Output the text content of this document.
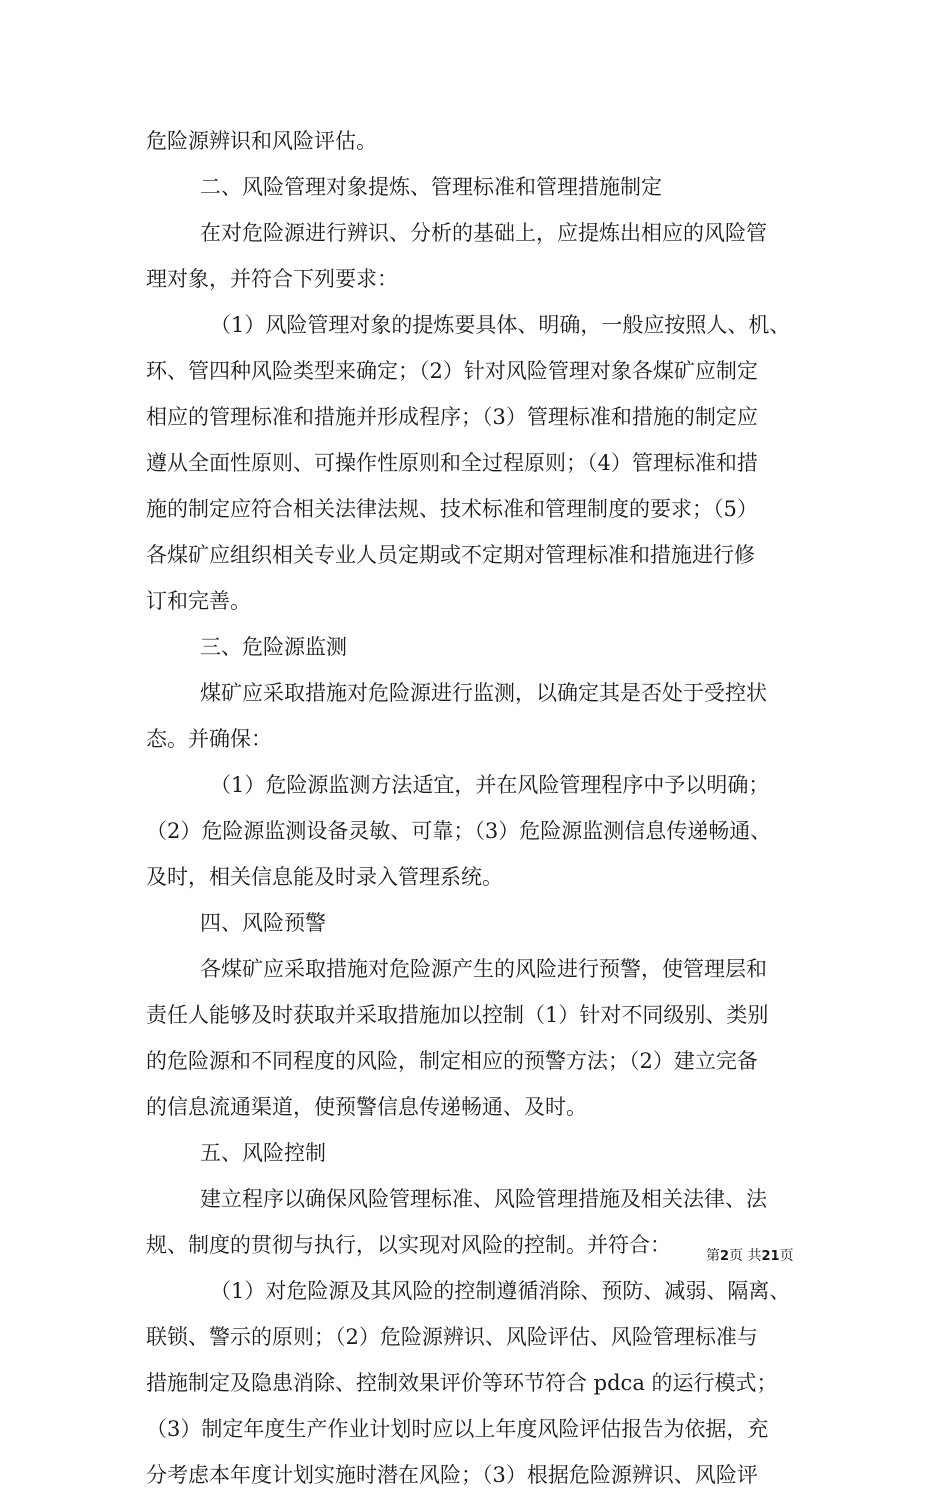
危险源辨识和风险评估。
二、风险管理对象提炼、管理标准和管理措施制定
在对危险源进行辨识、分析的基础上，应提炼出相应的风险管
理对象，并符合下列要求：
（1）风险管理对象的提炼要具体、明确，一般应按照人、机、
环、管四种风险类型来确定；（2）针对风险管理对象各煤矿应制定
相应的管理标准和措施并形成程序；（3）管理标准和措施的制定应
遵从全面性原则、可操作性原则和全过程原则；（4）管理标准和措
施的制定应符合相关法律法规、技术标准和管理制度的要求；（5）
各煤矿应组织相关专业人员定期或不定期对管理标准和措施进行修
订和完善。
三、危险源监测
煤矿应采取措施对危险源进行监测，以确定其是否处于受控状
态。并确保：
（1）危险源监测方法适宜，并在风险管理程序中予以明确；
（2）危险源监测设备灵敏、可靠；（3）危险源监测信息传递畅通、
及时，相关信息能及时录入管理系统。
四、风险预警
各煤矿应采取措施对危险源产生的风险进行预警，使管理层和
责任人能够及时获取并采取措施加以控制（1）针对不同级别、类别
的危险源和不同程度的风险，制定相应的预警方法；（2）建立完备
的信息流通渠道，使预警信息传递畅通、及时。
五、风险控制
建立程序以确保风险管理标准、风险管理措施及相关法律、法
规、制度的贯彻与执行，以实现对风险的控制。并符合：
（1）对危险源及其风险的控制遵循消除、预防、减弱、隔离、
联锁、警示的原则；（2）危险源辨识、风险评估、风险管理标准与
措施制定及隐患消除、控制效果评价等环节符合 pdca 的运行模式；
（3）制定年度生产作业计划时应以上年度风险评估报告为依据，充
分考虑本年度计划实施时潜在风险；（3）根据危险源辨识、风险评
第2页 共21页
